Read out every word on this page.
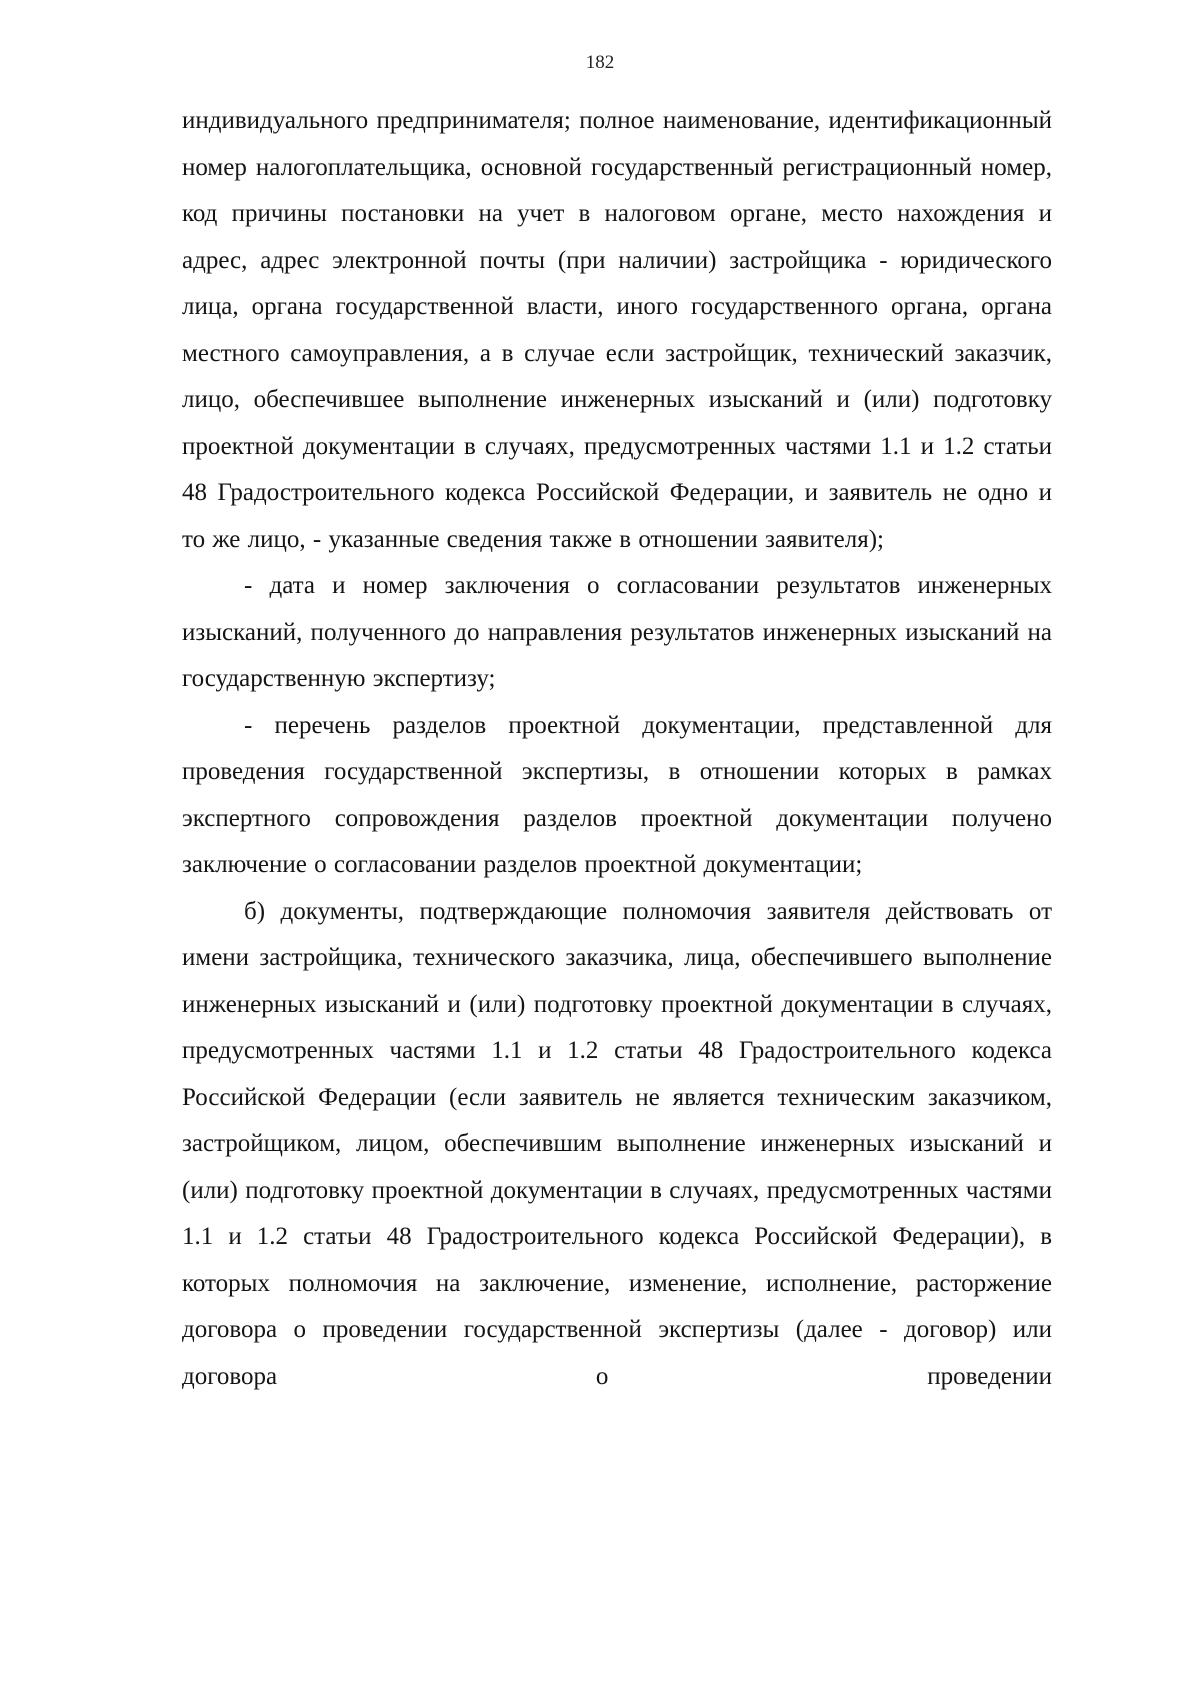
182

индивидуального предпринимателя; полное наименование, идентификационный номер налогоплательщика, основной государственный регистрационный номер, код причины постановки на учет в налоговом органе, место нахождения и адрес, адрес электронной почты (при наличии) застройщика - юридического лица, органа государственной власти, иного государственного органа, органа местного самоуправления, а в случае если застройщик, технический заказчик, лицо, обеспечившее выполнение инженерных изысканий и (или) подготовку проектной документации в случаях, предусмотренных частями 1.1 и 1.2 статьи 48 Градостроительного кодекса Российской Федерации, и заявитель не одно и то же лицо, - указанные сведения также в отношении заявителя);

- дата и номер заключения о согласовании результатов инженерных изысканий, полученного до направления результатов инженерных изысканий на государственную экспертизу;

- перечень разделов проектной документации, представленной для проведения государственной экспертизы, в отношении которых в рамках экспертного сопровождения разделов проектной документации получено заключение о согласовании разделов проектной документации;

б) документы, подтверждающие полномочия заявителя действовать от имени застройщика, технического заказчика, лица, обеспечившего выполнение инженерных изысканий и (или) подготовку проектной документации в случаях, предусмотренных частями 1.1 и 1.2 статьи 48 Градостроительного кодекса Российской Федерации (если заявитель не является техническим заказчиком, застройщиком, лицом, обеспечившим выполнение инженерных изысканий и (или) подготовку проектной документации в случаях, предусмотренных частями 1.1 и 1.2 статьи 48 Градостроительного кодекса Российской Федерации), в которых полномочия на заключение, изменение, исполнение, расторжение договора о проведении государственной экспертизы (далее - договор) или договора о проведении
